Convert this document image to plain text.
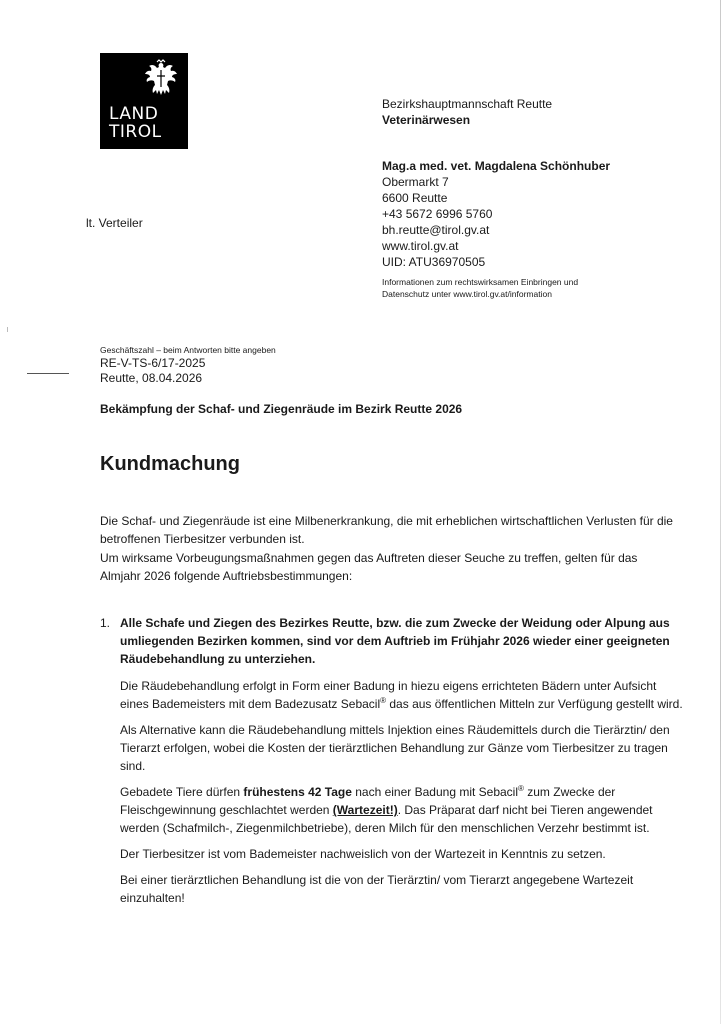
LAND
TIROL
Bezirkshauptmannschaft Reutte
Veterinärwesen
Mag.a med. vet. Magdalena Schönhuber
Obermarkt 7
6600 Reutte
+43 5672 6996 5760
bh.reutte@tirol.gv.at
www.tirol.gv.at
UID: ATU36970505
Informationen zum rechtswirksamen Einbringen und
Datenschutz unter www.tirol.gv.at/information
lt. Verteiler
Geschäftszahl – beim Antworten bitte angeben
RE-V-TS-6/17-2025
Reutte, 08.04.2026
Bekämpfung der Schaf- und Ziegenräude im Bezirk Reutte 2026
Kundmachung
Die Schaf- und Ziegenräude ist eine Milbenerkrankung, die mit erheblichen wirtschaftlichen Verlusten für die betroffenen Tierbesitzer verbunden ist.
Um wirksame Vorbeugungsmaßnahmen gegen das Auftreten dieser Seuche zu treffen, gelten für das Almjahr 2026 folgende Auftriebsbestimmungen:
1. Alle Schafe und Ziegen des Bezirkes Reutte, bzw. die zum Zwecke der Weidung oder Alpung aus umliegenden Bezirken kommen, sind vor dem Auftrieb im Frühjahr 2026 wieder einer geeigneten Räudebehandlung zu unterziehen.

Die Räudebehandlung erfolgt in Form einer Badung in hiezu eigens errichteten Bädern unter Aufsicht eines Bademeisters mit dem Badezusatz Sebacil® das aus öffentlichen Mitteln zur Verfügung gestellt wird.

Als Alternative kann die Räudebehandlung mittels Injektion eines Räudemittels durch die Tierärztin/ den Tierarzt erfolgen, wobei die Kosten der tierärztlichen Behandlung zur Gänze vom Tierbesitzer zu tragen sind.

Gebadete Tiere dürfen frühestens 42 Tage nach einer Badung mit Sebacil® zum Zwecke der Fleischgewinnung geschlachtet werden (Wartezeit!). Das Präparat darf nicht bei Tieren angewendet werden (Schafmilch-, Ziegenmilchbetriebe), deren Milch für den menschlichen Verzehr bestimmt ist.

Der Tierbesitzer ist vom Bademeister nachweislich von der Wartezeit in Kenntnis zu setzen.

Bei einer tierärztlichen Behandlung ist die von der Tierärztin/ vom Tierarzt angegebene Wartezeit einzuhalten!
